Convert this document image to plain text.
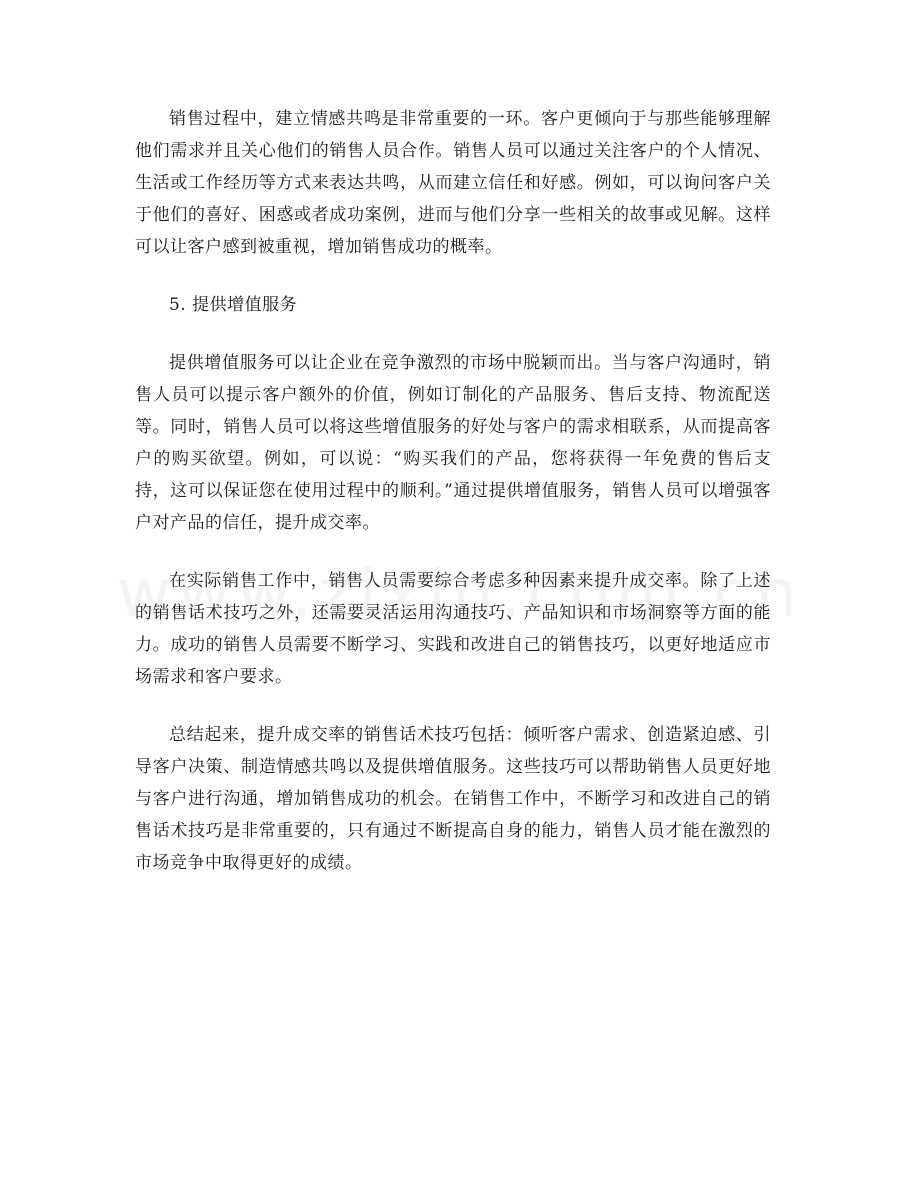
销售过程中，建立情感共鸣是非常重要的一环。客户更倾向于与那些能够理解他们需求并且关心他们的销售人员合作。销售人员可以通过关注客户的个人情况、生活或工作经历等方式来表达共鸣，从而建立信任和好感。例如，可以询问客户关于他们的喜好、困惑或者成功案例，进而与他们分享一些相关的故事或见解。这样可以让客户感到被重视，增加销售成功的概率。

5. 提供增值服务

提供增值服务可以让企业在竞争激烈的市场中脱颖而出。当与客户沟通时，销售人员可以提示客户额外的价值，例如订制化的产品服务、售后支持、物流配送等。同时，销售人员可以将这些增值服务的好处与客户的需求相联系，从而提高客户的购买欲望。例如，可以说：“购买我们的产品，您将获得一年免费的售后支持，这可以保证您在使用过程中的顺利。”通过提供增值服务，销售人员可以增强客户对产品的信任，提升成交率。

在实际销售工作中，销售人员需要综合考虑多种因素来提升成交率。除了上述的销售话术技巧之外，还需要灵活运用沟通技巧、产品知识和市场洞察等方面的能力。成功的销售人员需要不断学习、实践和改进自己的销售技巧，以更好地适应市场需求和客户要求。

总结起来，提升成交率的销售话术技巧包括：倾听客户需求、创造紧迫感、引导客户决策、制造情感共鸣以及提供增值服务。这些技巧可以帮助销售人员更好地与客户进行沟通，增加销售成功的机会。在销售工作中，不断学习和改进自己的销售话术技巧是非常重要的，只有通过不断提高自身的能力，销售人员才能在激烈的市场竞争中取得更好的成绩。
